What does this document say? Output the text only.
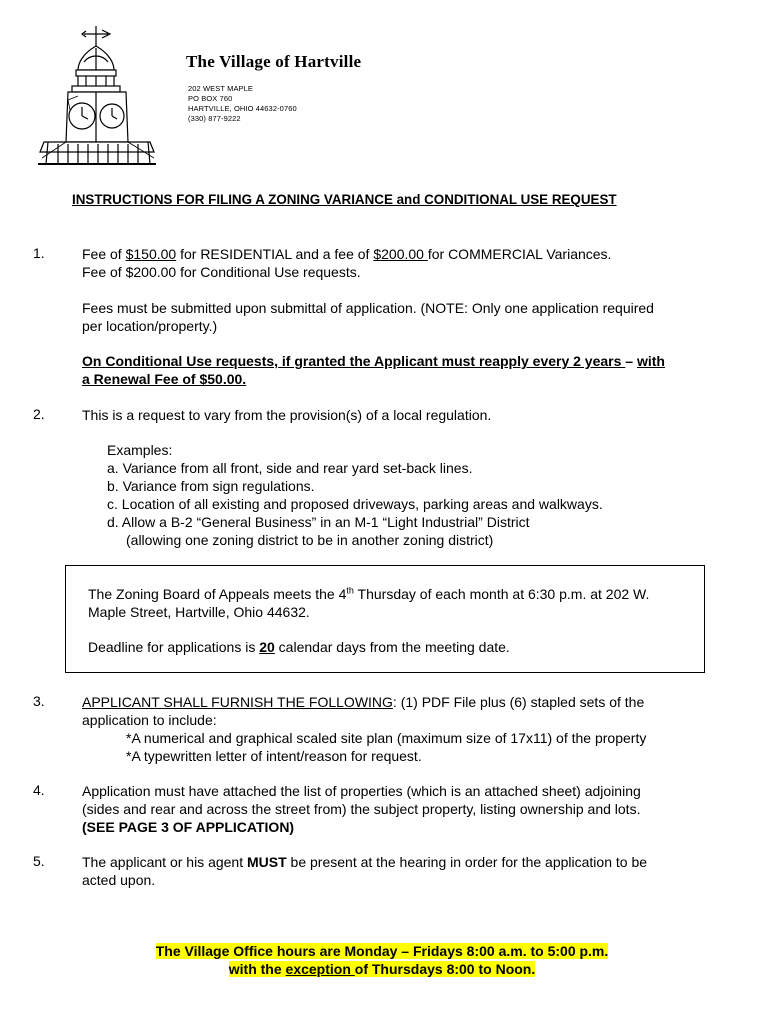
The Village of Hartville
202 WEST MAPLE
PO BOX 760
HARTVILLE, OHIO 44632-0760
(330) 877-9222
INSTRUCTIONS FOR FILING A ZONING VARIANCE and CONDITIONAL USE REQUEST
1.	Fee of $150.00 for RESIDENTIAL and a fee of $200.00 for COMMERCIAL Variances.
Fee of $200.00 for Conditional Use requests.
Fees must be submitted upon submittal of application. (NOTE: Only one application required
per location/property.)
On Conditional Use requests, if granted the Applicant must reapply every 2 years – with
a Renewal Fee of $50.00.
2.	This is a request to vary from the provision(s) of a local regulation.
Examples:
a. Variance from all front, side and rear yard set-back lines.
b. Variance from sign regulations.
c. Location of all existing and proposed driveways, parking areas and walkways.
d. Allow a B-2 “General Business” in an M-1 “Light Industrial” District
(allowing one zoning district to be in another zoning district)
The Zoning Board of Appeals meets the 4th Thursday of each month at 6:30 p.m. at 202 W.
Maple Street, Hartville, Ohio 44632.
Deadline for applications is 20 calendar days from the meeting date.
3.	APPLICANT SHALL FURNISH THE FOLLOWING: (1) PDF File plus (6) stapled sets of the
application to include:
*A numerical and graphical scaled site plan (maximum size of 17x11) of the property
*A typewritten letter of intent/reason for request.
4.	Application must have attached the list of properties (which is an attached sheet) adjoining
(sides and rear and across the street from) the subject property, listing ownership and lots.
(SEE PAGE 3 OF APPLICATION)
5.	The applicant or his agent MUST be present at the hearing in order for the application to be
acted upon.
The Village Office hours are Monday – Fridays 8:00 a.m. to 5:00 p.m.
with the exception of Thursdays 8:00 to Noon.
